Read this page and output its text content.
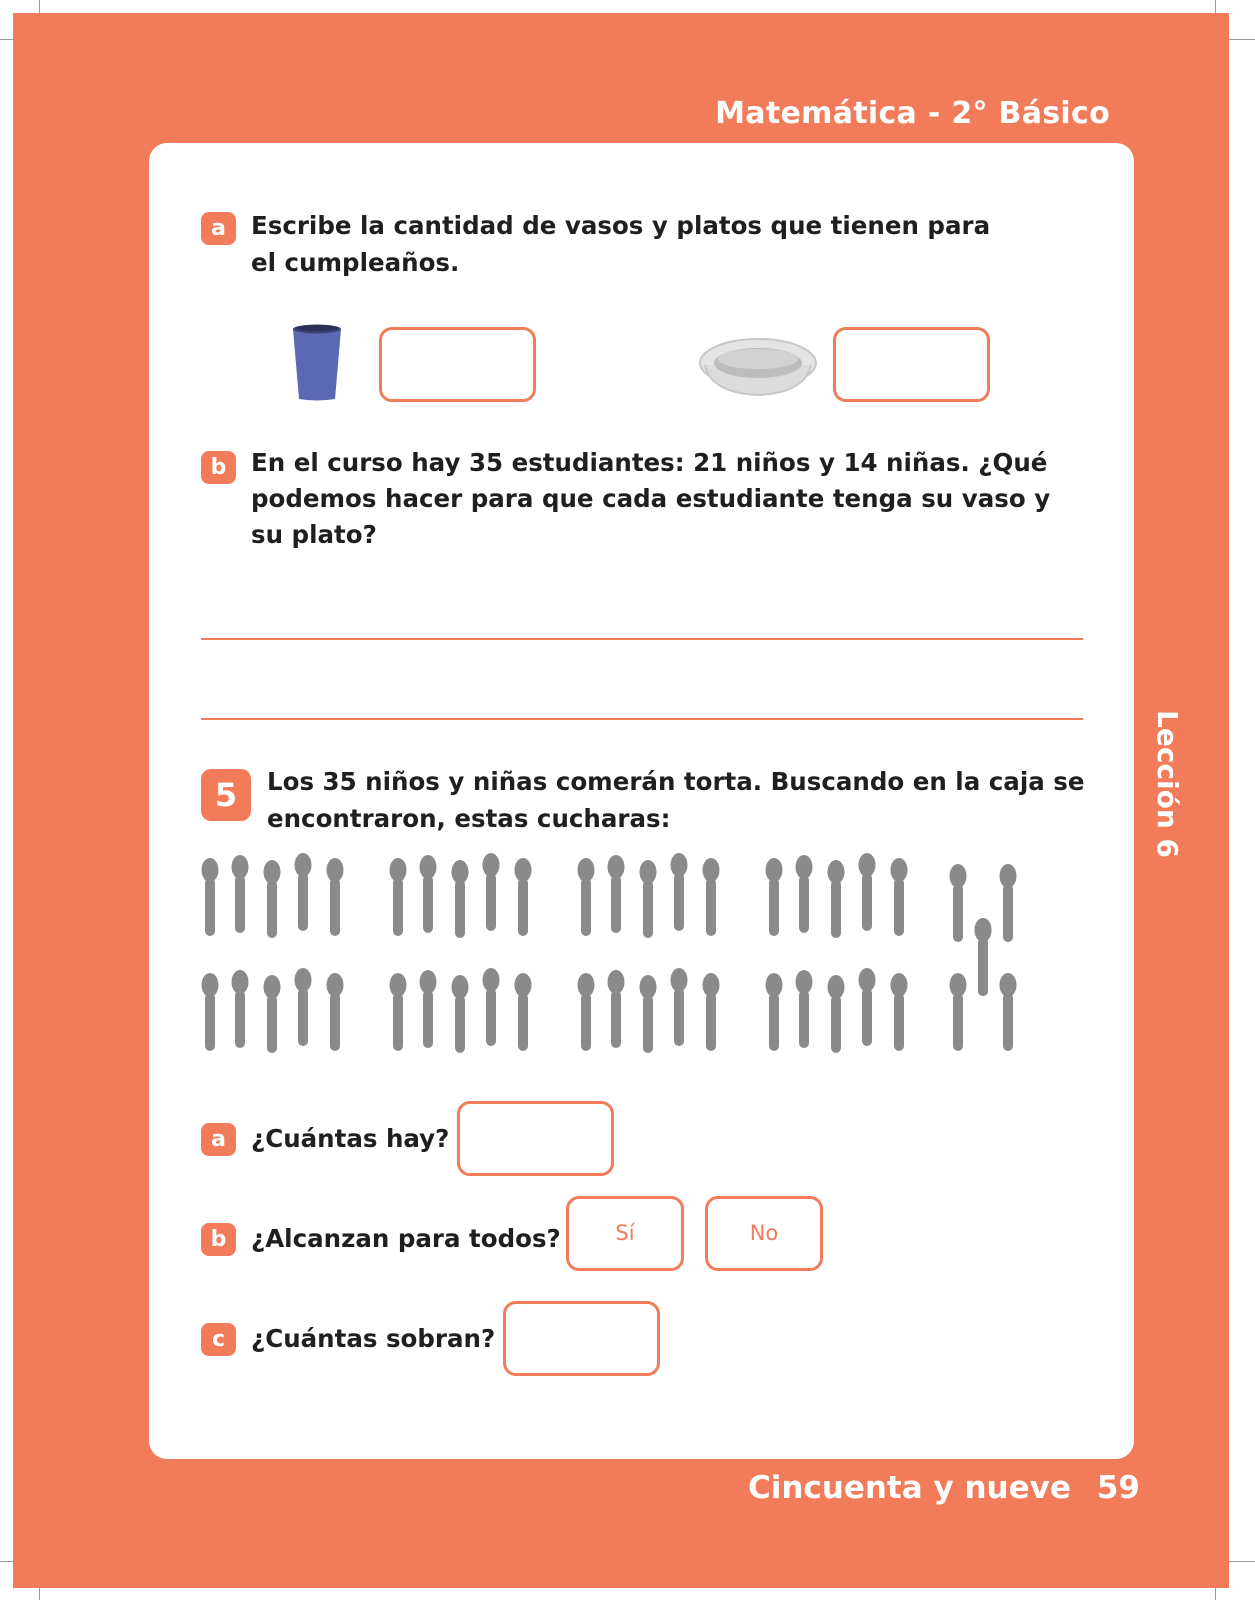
Matemática - 2° Básico
Lección 6
a	Escribe la cantidad de vasos y platos que tienen para
el cumpleaños.

b	En el curso hay 35 estudiantes: 21 niños y 14 niñas. ¿Qué
podemos hacer para que cada estudiante tenga su vaso y
su plato?

5	Los 35 niños y niñas comerán torta. Buscando en la caja se
encontraron, estas cucharas:

a	¿Cuántas hay?
b	¿Alcanzan para todos?	Sí	No
c	¿Cuántas sobran?
Cincuenta y nueve 59
